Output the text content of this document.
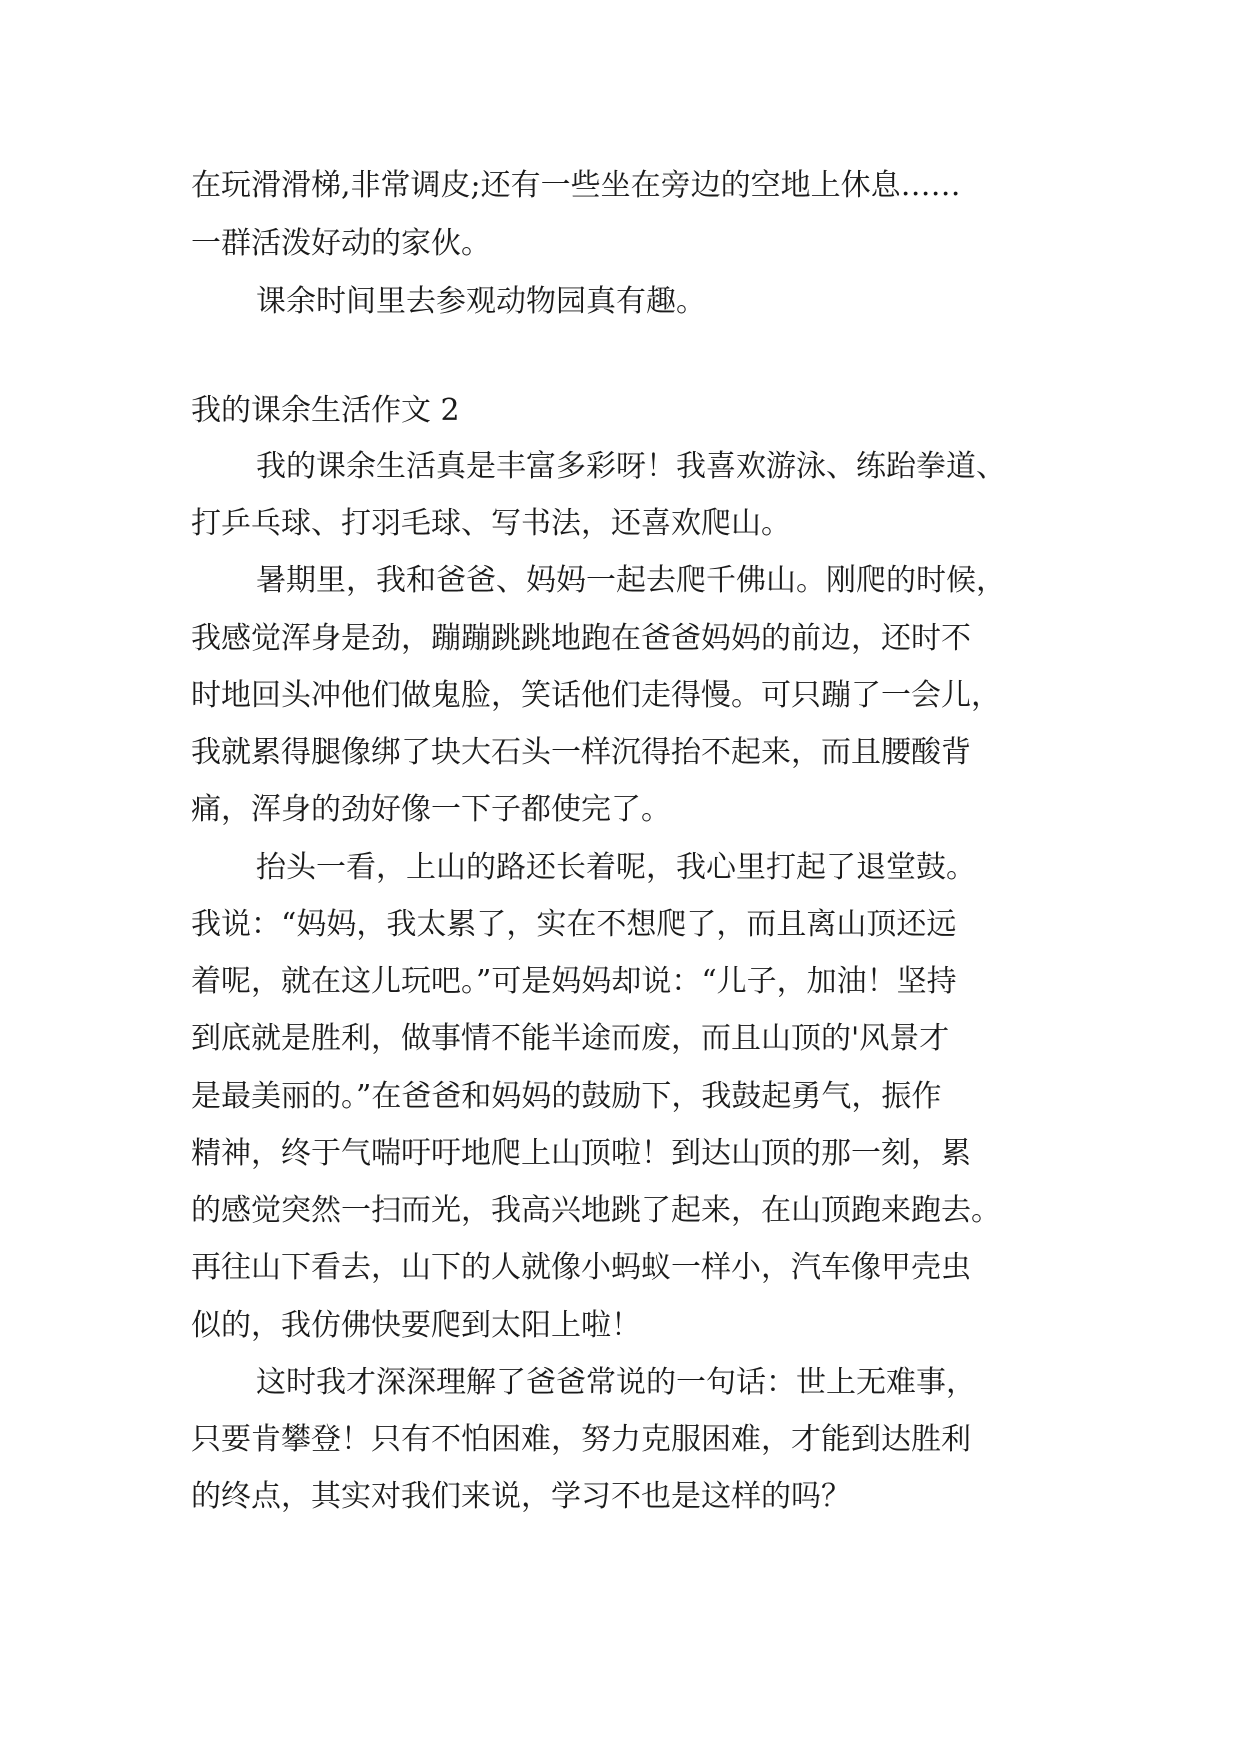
在玩滑滑梯,非常调皮;还有一些坐在旁边的空地上休息……
一群活泼好动的家伙。
课余时间里去参观动物园真有趣。
我的课余生活作文 2
我的课余生活真是丰富多彩呀！我喜欢游泳、练跆拳道、
打乒乓球、打羽毛球、写书法，还喜欢爬山。
暑期里，我和爸爸、妈妈一起去爬千佛山。刚爬的时候，
我感觉浑身是劲，蹦蹦跳跳地跑在爸爸妈妈的前边，还时不
时地回头冲他们做鬼脸，笑话他们走得慢。可只蹦了一会儿，
我就累得腿像绑了块大石头一样沉得抬不起来，而且腰酸背
痛，浑身的劲好像一下子都使完了。
抬头一看，上山的路还长着呢，我心里打起了退堂鼓。
我说：“妈妈，我太累了，实在不想爬了，而且离山顶还远
着呢，就在这儿玩吧。”可是妈妈却说：“儿子，加油！坚持
到底就是胜利，做事情不能半途而废，而且山顶的'风景才
是最美丽的。”在爸爸和妈妈的鼓励下，我鼓起勇气，振作
精神，终于气喘吁吁地爬上山顶啦！到达山顶的那一刻，累
的感觉突然一扫而光，我高兴地跳了起来，在山顶跑来跑去。
再往山下看去，山下的人就像小蚂蚁一样小，汽车像甲壳虫
似的，我仿佛快要爬到太阳上啦！
这时我才深深理解了爸爸常说的一句话：世上无难事，
只要肯攀登！只有不怕困难，努力克服困难，才能到达胜利
的终点，其实对我们来说，学习不也是这样的吗？
